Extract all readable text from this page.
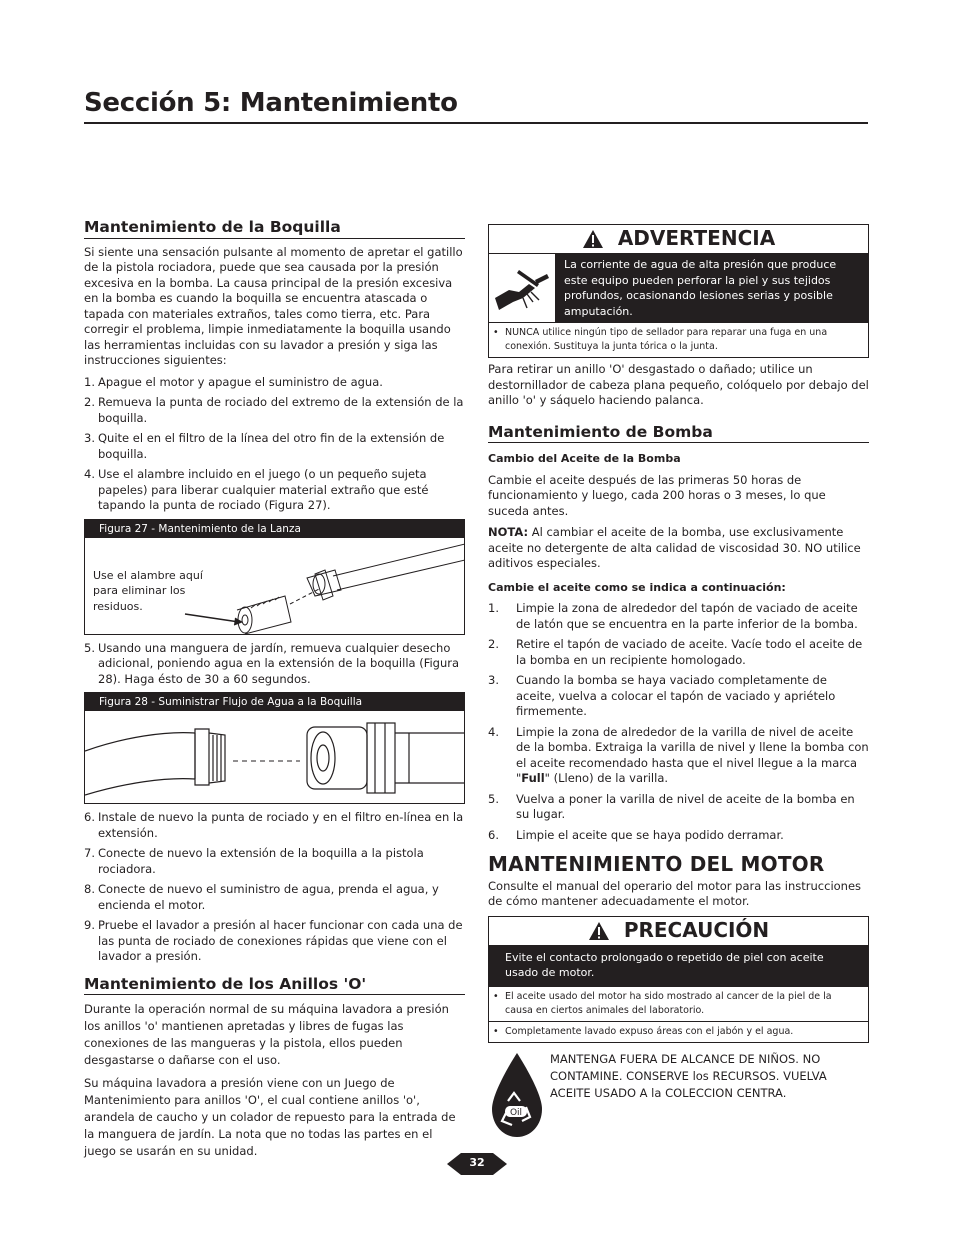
Sección 5: Mantenimiento
Mantenimiento de la Boquilla

Si siente una sensación pulsante al momento de apretar el gatillo de la pistola rociadora, puede que sea causada por la presión excesiva en la bomba. La causa principal de la presión excesiva en la bomba es cuando la boquilla se encuentra atascada o tapada con materiales extraños, tales como tierra, etc. Para corregir el problema, limpie inmediatamente la boquilla usando las herramientas incluidas con su lavador a presión y siga las instrucciones siguientes:

1. Apague el motor y apague el suministro de agua.
2. Remueva la punta de rociado del extremo de la extensión de la boquilla.
3. Quite el en el filtro de la línea del otro fin de la extensión de boquilla.
4. Use el alambre incluido en el juego (o un pequeño sujeta papeles) para liberar cualquier material extraño que esté tapando la punta de rociado (Figura 27).
Figura 27 - Mantenimiento de la Lanza
Use el alambre aquí para eliminar los residuos.
5. Usando una manguera de jardín, remueva cualquier desecho adicional, poniendo agua en la extensión de la boquilla (Figura 28). Haga ésto de 30 a 60 segundos.
Figura 28 - Suministrar Flujo de Agua a la Boquilla
6. Instale de nuevo la punta de rociado y en el filtro en-línea en la extensión.
7. Conecte de nuevo la extensión de la boquilla a la pistola rociadora.
8. Conecte de nuevo el suministro de agua, prenda el agua, y encienda el motor.
9. Pruebe el lavador a presión al hacer funcionar con cada una de las punta de rociado de conexiones rápidas que viene con el lavador a presión.
Mantenimiento de los Anillos 'O'

Durante la operación normal de su máquina lavadora a presión los anillos 'o' mantienen apretadas y libres de fugas las conexiones de las mangueras y la pistola, ellos pueden desgastarse o dañarse con el uso.

Su máquina lavadora a presión viene con un Juego de Mantenimiento para anillos 'O', el cual contiene anillos 'o', arandela de caucho y un colador de repuesto para la entrada de la manguera de jardín. La nota que no todas las partes en el juego se usarán en su unidad.

ADVERTENCIA
La corriente de agua de alta presión que produce este equipo pueden perforar la piel y sus tejidos profundos, ocasionando lesiones serias y posible amputación.
• NUNCA utilice ningún tipo de sellador para reparar una fuga en una conexión. Sustituya la junta tórica o la junta.

Para retirar un anillo 'O' desgastado o dañado; utilice un destornillador de cabeza plana pequeño, colóquelo por debajo del anillo 'o' y sáquelo haciendo palanca.

Mantenimiento de Bomba
Cambio del Aceite de la Bomba

Cambie el aceite después de las primeras 50 horas de funcionamiento y luego, cada 200 horas o 3 meses, lo que suceda antes.

NOTA: Al cambiar el aceite de la bomba, use exclusivamente aceite no detergente de alta calidad de viscosidad 30. NO utilice aditivos especiales.

Cambie el aceite como se indica a continuación:
1. Limpie la zona de alrededor del tapón de vaciado de aceite de latón que se encuentra en la parte inferior de la bomba.
2. Retire el tapón de vaciado de aceite. Vacíe todo el aceite de la bomba en un recipiente homologado.
3. Cuando la bomba se haya vaciado completamente de aceite, vuelva a colocar el tapón de vaciado y apriételo firmemente.
4. Limpie la zona de alrededor de la varilla de nivel de aceite de la bomba. Extraiga la varilla de nivel y llene la bomba con el aceite recomendado hasta que el nivel llegue a la marca "Full" (Lleno) de la varilla.
5. Vuelva a poner la varilla de nivel de aceite de la bomba en su lugar.
6. Limpie el aceite que se haya podido derramar.
MANTENIMIENTO DEL MOTOR

Consulte el manual del operario del motor para las instrucciones de cómo mantener adecuadamente el motor.

PRECAUCIÓN
Evite el contacto prolongado o repetido de piel con aceite usado de motor.
• El aceite usado del motor ha sido mostrado al cancer de la piel de la causa en ciertos animales del laboratorio.
• Completamente lavado expuso áreas con el jabón y el agua.
Oil
MANTENGA FUERA DE ALCANCE DE NIÑOS. NO CONTAMINE. CONSERVE los RECURSOS. VUELVA ACEITE USADO A la COLECCION CENTRA.
32
